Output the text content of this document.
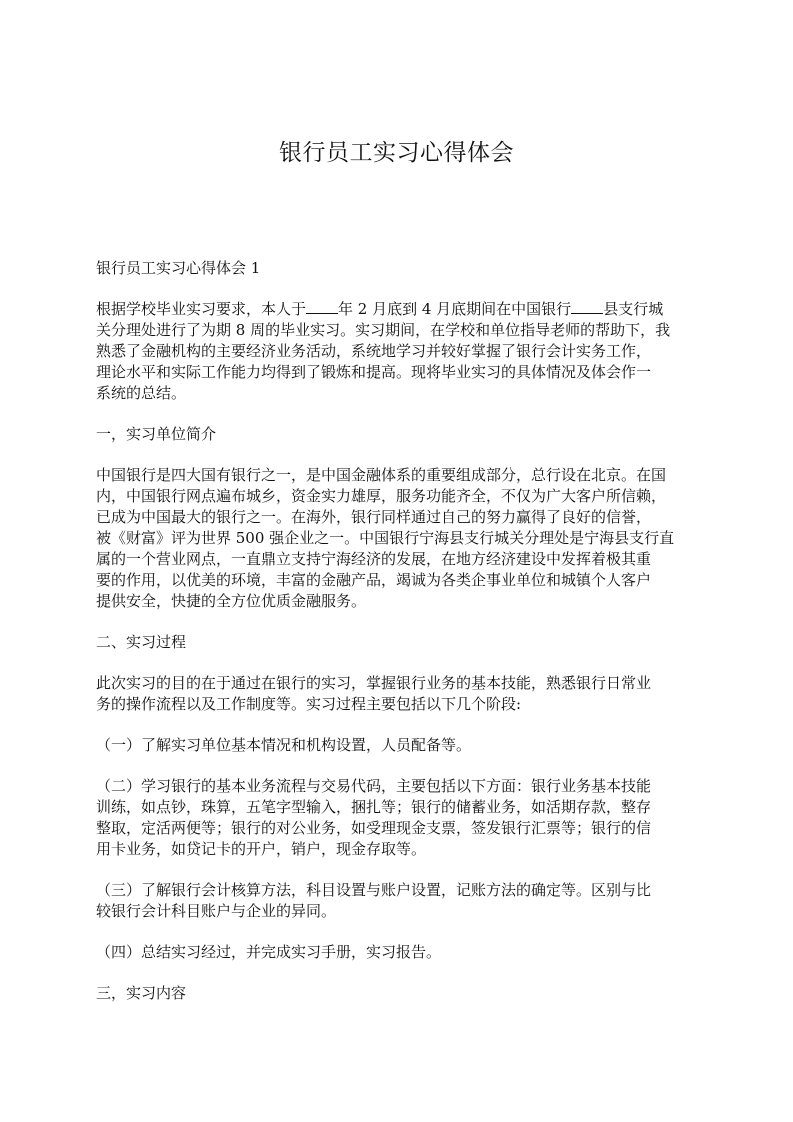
银行员工实习心得体会

银行员工实习心得体会 1

根据学校毕业实习要求，本人于 年 2 月底到 4 月底期间在中国银行 县支行城
关分理处进行了为期 8 周的毕业实习。实习期间，在学校和单位指导老师的帮助下，我
熟悉了金融机构的主要经济业务活动，系统地学习并较好掌握了银行会计实务工作，
理论水平和实际工作能力均得到了锻炼和提高。现将毕业实习的具体情况及体会作一
系统的总结。

一，实习单位简介

中国银行是四大国有银行之一，是中国金融体系的重要组成部分，总行设在北京。在国
内，中国银行网点遍布城乡，资金实力雄厚，服务功能齐全，不仅为广大客户所信赖，
已成为中国最大的银行之一。在海外，银行同样通过自己的努力赢得了良好的信誉，
被《财富》评为世界 500 强企业之一。中国银行宁海县支行城关分理处是宁海县支行直
属的一个营业网点，一直鼎立支持宁海经济的发展，在地方经济建设中发挥着极其重
要的作用，以优美的环境，丰富的金融产品，竭诚为各类企事业单位和城镇个人客户
提供安全，快捷的全方位优质金融服务。

二、实习过程

此次实习的目的在于通过在银行的实习，掌握银行业务的基本技能，熟悉银行日常业
务的操作流程以及工作制度等。实习过程主要包括以下几个阶段:
（一）了解实习单位基本情况和机构设置，人员配备等。
（二）学习银行的基本业务流程与交易代码，主要包括以下方面：银行业务基本技能
训练，如点钞，珠算，五笔字型输入，捆扎等；银行的储蓄业务，如活期存款，整存
整取，定活两便等；银行的对公业务，如受理现金支票，签发银行汇票等；银行的信
用卡业务，如贷记卡的开户，销户，现金存取等。
（三）了解银行会计核算方法，科目设置与账户设置，记账方法的确定等。区别与比
较银行会计科目账户与企业的异同。
（四）总结实习经过，并完成实习手册，实习报告。

三，实习内容
